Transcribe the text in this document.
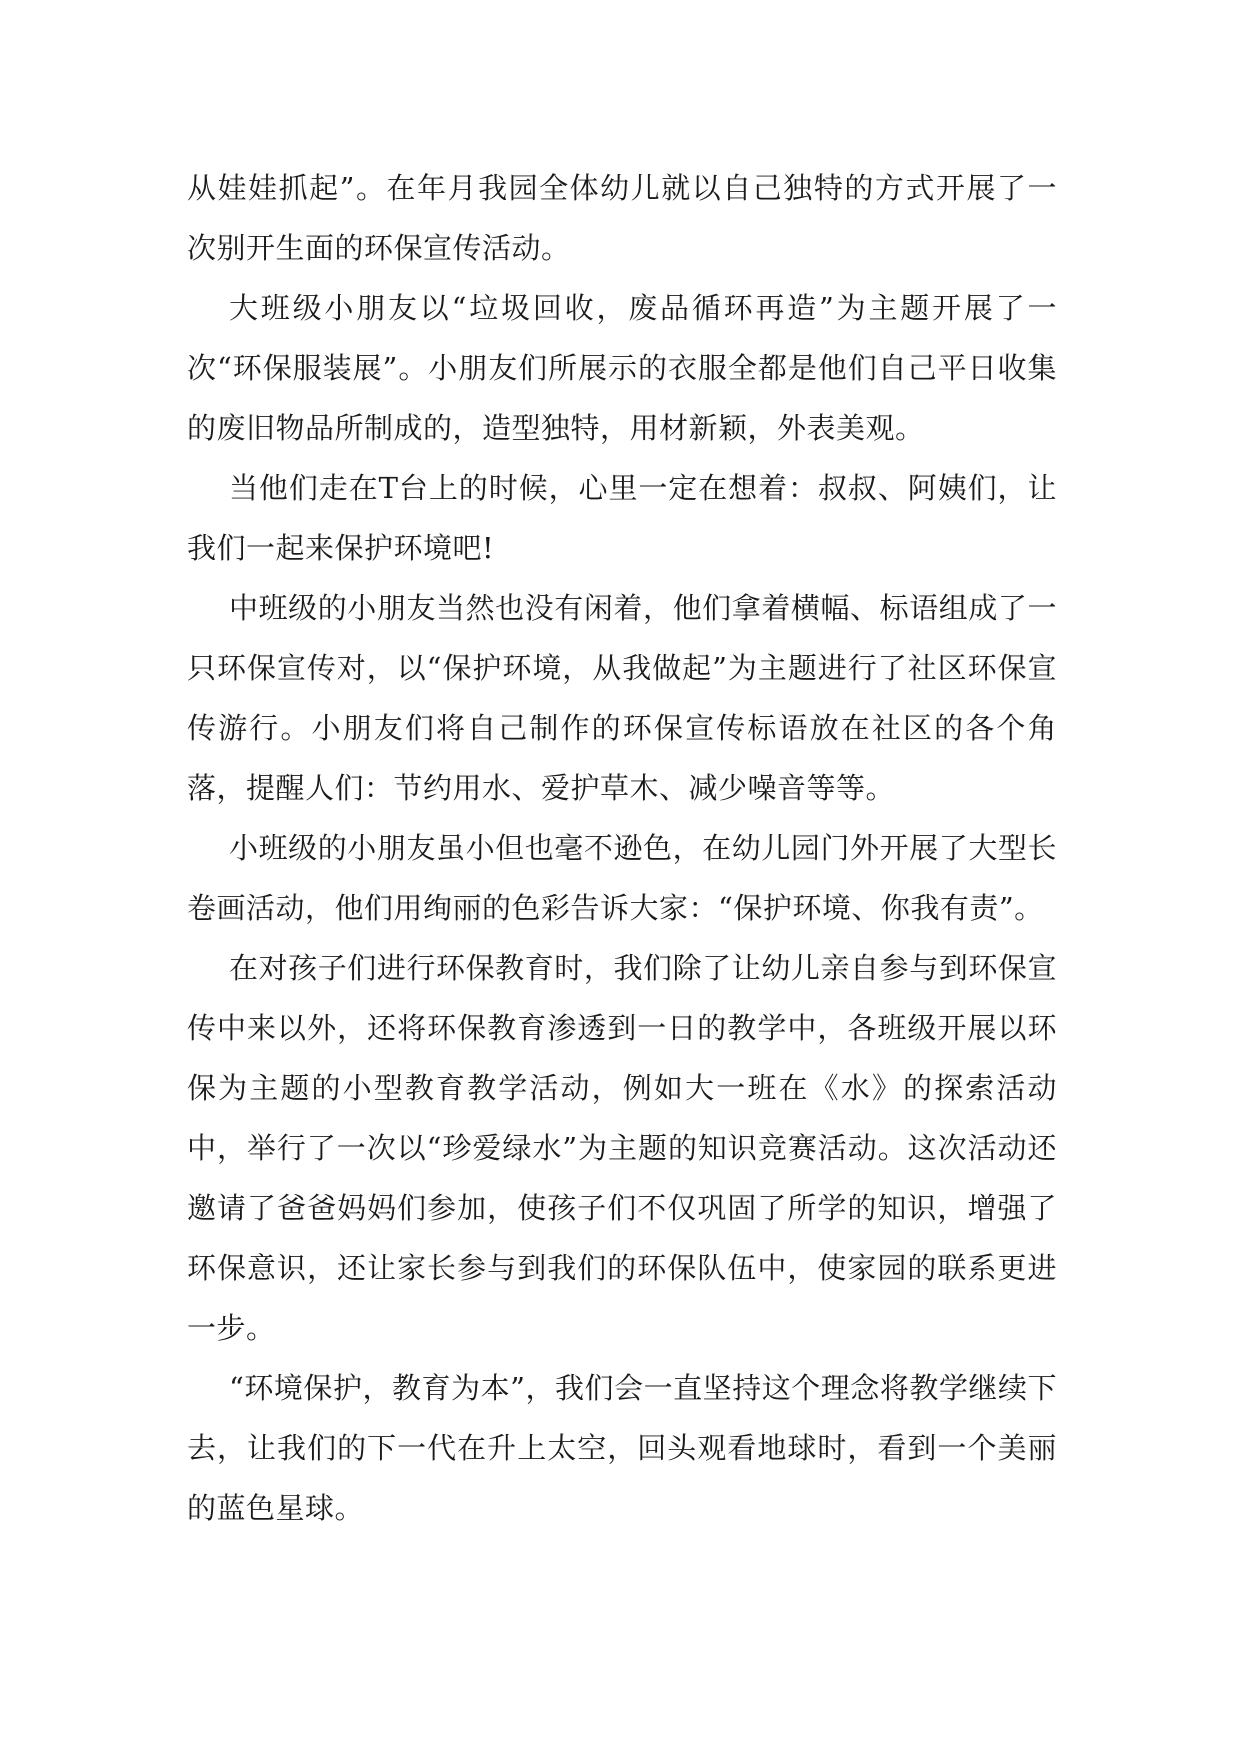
从娃娃抓起”。在年月我园全体幼儿就以自己独特的方式开展了一次别开生面的环保宣传活动。

大班级小朋友以“垃圾回收，废品循环再造”为主题开展了一次“环保服装展”。小朋友们所展示的衣服全都是他们自己平日收集的废旧物品所制成的，造型独特，用材新颖，外表美观。

当他们走在T台上的时候，心里一定在想着：叔叔、阿姨们，让我们一起来保护环境吧!

中班级的小朋友当然也没有闲着，他们拿着横幅、标语组成了一只环保宣传对，以“保护环境，从我做起”为主题进行了社区环保宣传游行。小朋友们将自己制作的环保宣传标语放在社区的各个角落，提醒人们：节约用水、爱护草木、减少噪音等等。

小班级的小朋友虽小但也毫不逊色，在幼儿园门外开展了大型长卷画活动，他们用绚丽的色彩告诉大家：“保护环境、你我有责”。

在对孩子们进行环保教育时，我们除了让幼儿亲自参与到环保宣传中来以外，还将环保教育渗透到一日的教学中，各班级开展以环保为主题的小型教育教学活动，例如大一班在《水》的探索活动中，举行了一次以“珍爱绿水”为主题的知识竞赛活动。这次活动还邀请了爸爸妈妈们参加，使孩子们不仅巩固了所学的知识，增强了环保意识，还让家长参与到我们的环保队伍中，使家园的联系更进一步。

“环境保护，教育为本”，我们会一直坚持这个理念将教学继续下去，让我们的下一代在升上太空，回头观看地球时，看到一个美丽的蓝色星球。
